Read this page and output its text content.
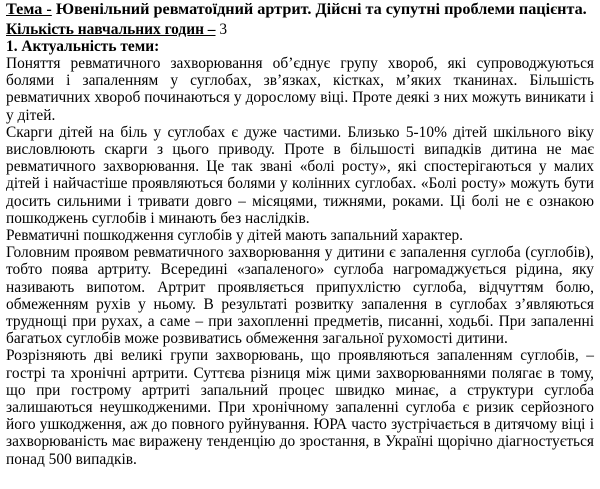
Тема - Ювенільний ревматоїдний артрит. Дійсні та супутні проблеми пацієнта.

Кількість навчальних годин – 3

1. Актуальність теми:

Поняття ревматичного захворювання об’єднує групу хвороб, які супроводжуються болями і запаленням у суглобах, зв’язках, кістках, м’яких тканинах. Більшість ревматичних хвороб починаються у дорослому віці. Проте деякі з них можуть виникати і у дітей.

Скарги дітей на біль у суглобах є дуже частими. Близько 5-10% дітей шкільного віку висловлюють скарги з цього приводу. Проте в більшості випадків дитина не має ревматичного захворювання. Це так звані «болі росту», які спостерігаються у малих дітей і найчастіше проявляються болями у колінних суглобах. «Болі росту» можуть бути досить сильними і тривати довго – місяцями, тижнями, роками. Ці болі не є ознакою пошкоджень суглобів і минають без наслідків.

Ревматичні пошкодження суглобів у дітей мають запальний характер.

Головним проявом ревматичного захворювання у дитини є запалення суглоба (суглобів), тобто поява артриту. Всередині «запаленого» суглоба нагромаджується рідина, яку називають випотом. Артрит проявляється припухлістю суглоба, відчуттям болю, обмеженням рухів у ньому. В результаті розвитку запалення в суглобах з’являються труднощі при рухах, а саме – при захопленні предметів, писанні, ходьбі. При запаленні багатьох суглобів може розвиватись обмеження загальної рухомості дитини.

Розрізняють дві великі групи захворювань, що проявляються запаленням суглобів, – гострі та хронічні артрити. Суттєва різниця між цими захворюваннями полягає в тому, що при гострому артриті запальний процес швидко минає, а структури суглоба залишаються неушкодженими. При хронічному запаленні суглоба є ризик серйозного його ушкодження, аж до повного руйнування. ЮРА часто зустрічається в дитячому віці і захворюваність має виражену тенденцію до зростання, в Україні щорічно діагностується понад 500 випадків.
